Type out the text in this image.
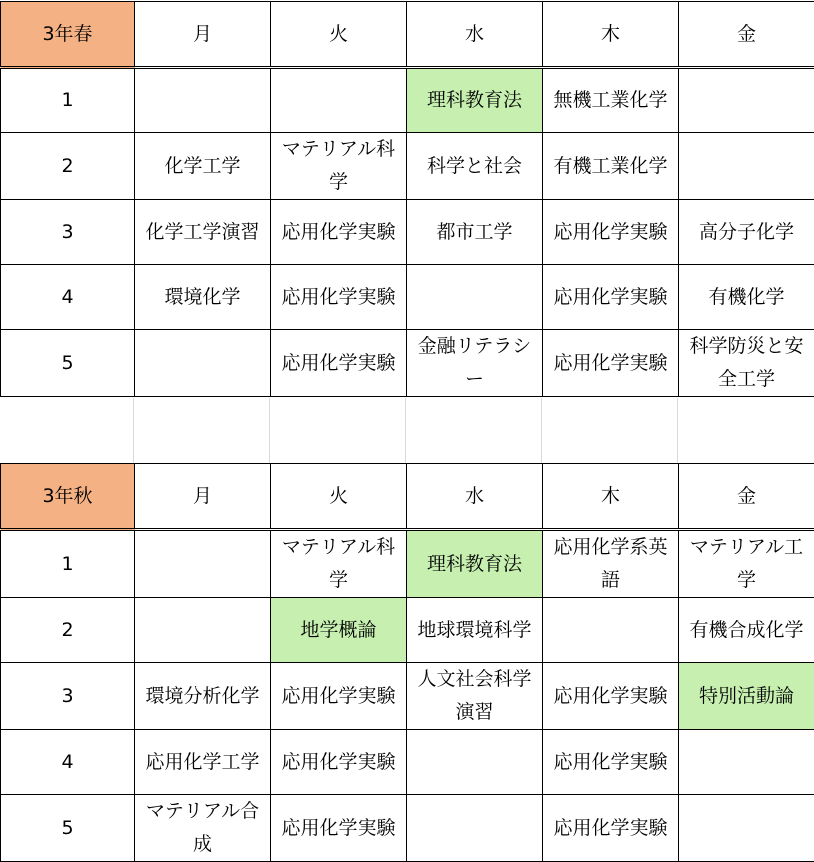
3年春	月	火	水	木	金
1			理科教育法	無機工業化学	
2	化学工学	マテリアル科学	科学と社会	有機工業化学	
3	化学工学演習	応用化学実験	都市工学	応用化学実験	高分子化学
4	環境化学	応用化学実験		応用化学実験	有機化学
5		応用化学実験	金融リテラシー	応用化学実験	科学防災と安全工学
3年秋	月	火	水	木	金
1		マテリアル科学	理科教育法	応用化学系英語	マテリアル工学
2		地学概論	地球環境科学		有機合成化学
3	環境分析化学	応用化学実験	人文社会科学演習	応用化学実験	特別活動論
4	応用化学工学	応用化学実験		応用化学実験	
5	マテリアル合成	応用化学実験		応用化学実験	
